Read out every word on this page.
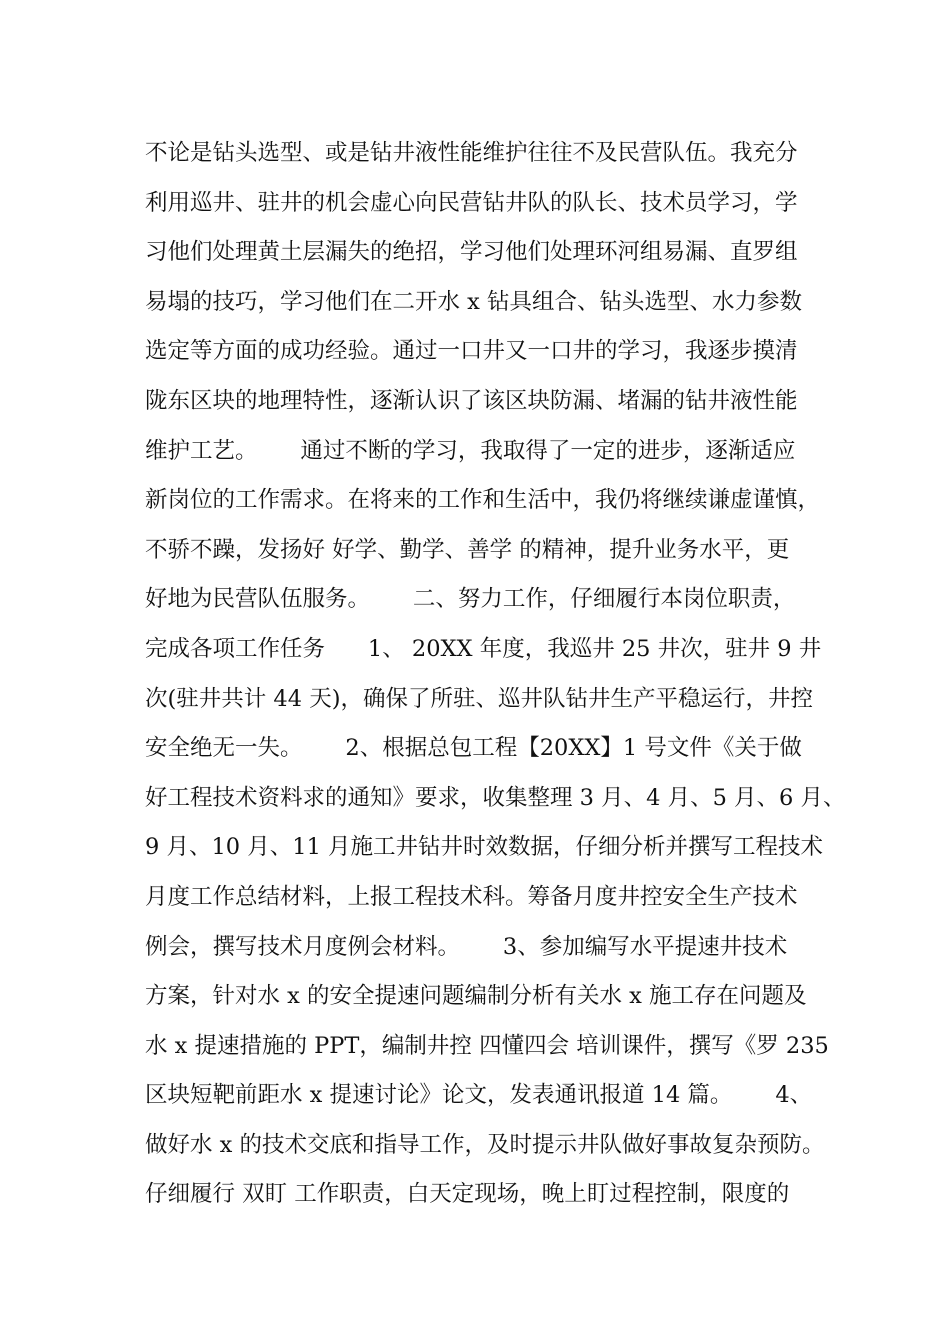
不论是钻头选型、或是钻井液性能维护往往不及民营队伍。我充分
利用巡井、驻井的机会虚心向民营钻井队的队长、技术员学习，学
习他们处理黄土层漏失的绝招，学习他们处理环河组易漏、直罗组
易塌的技巧，学习他们在二开水 x 钻具组合、钻头选型、水力参数
选定等方面的成功经验。通过一口井又一口井的学习，我逐步摸清
陇东区块的地理特性，逐渐认识了该区块防漏、堵漏的钻井液性能
维护工艺。      通过不断的学习，我取得了一定的进步，逐渐适应
新岗位的工作需求。在将来的工作和生活中，我仍将继续谦虚谨慎，
不骄不躁，发扬好 好学、勤学、善学 的精神，提升业务水平，更
好地为民营队伍服务。      二、努力工作，仔细履行本岗位职责，
完成各项工作任务      1、 20XX 年度，我巡井 25 井次，驻井 9 井
次(驻井共计 44 天)，确保了所驻、巡井队钻井生产平稳运行，井控
安全绝无一失。      2、根据总包工程【20XX】1 号文件《关于做
好工程技术资料求的通知》要求，收集整理 3 月、4 月、5 月、6 月、
9 月、10 月、11 月施工井钻井时效数据，仔细分析并撰写工程技术
月度工作总结材料，上报工程技术科。筹备月度井控安全生产技术
例会，撰写技术月度例会材料。      3、参加编写水平提速井技术
方案，针对水 x 的安全提速问题编制分析有关水 x 施工存在问题及
水 x 提速措施的 PPT，编制井控 四懂四会 培训课件，撰写《罗 235
区块短靶前距水 x 提速讨论》论文，发表通讯报道 14 篇。      4、
做好水 x 的技术交底和指导工作，及时提示井队做好事故复杂预防。
仔细履行 双盯 工作职责，白天定现场，晚上盯过程控制，限度的
